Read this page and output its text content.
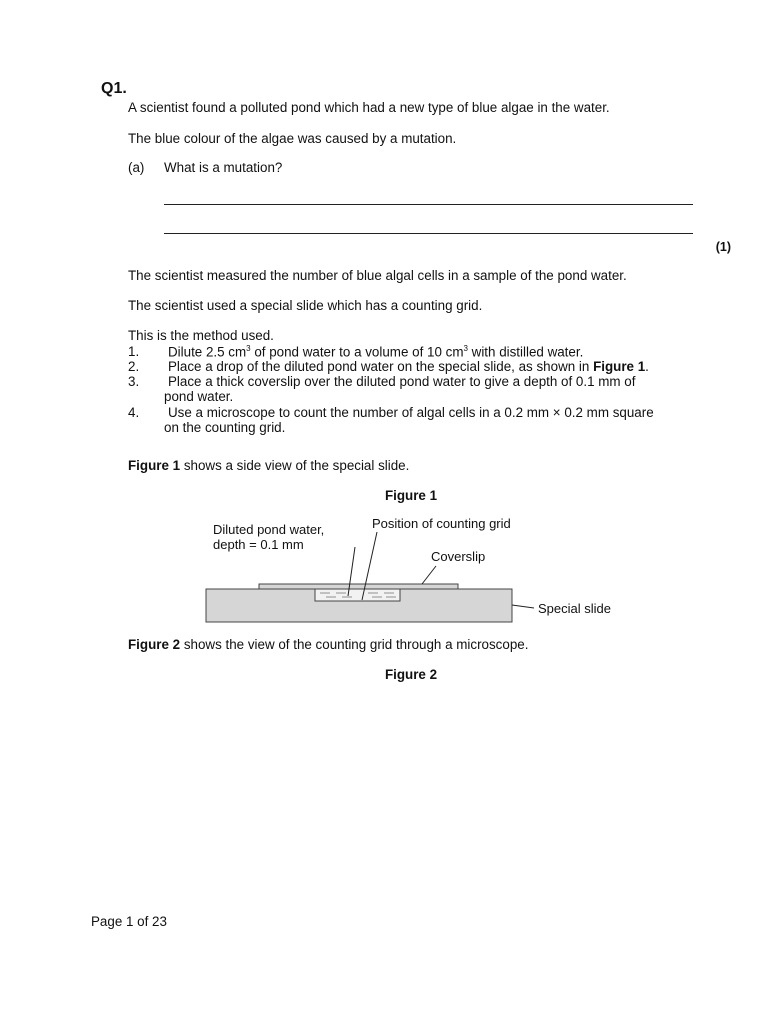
Q1.
A scientist found a polluted pond which had a new type of blue algae in the water.
The blue colour of the algae was caused by a mutation.
(a) What is a mutation?
(1)
The scientist measured the number of blue algal cells in a sample of the pond water.
The scientist used a special slide which has a counting grid.
This is the method used.
1. Dilute 2.5 $cm^3$ of pond water to a volume of 10 $cm^3$ with distilled water.
2. Place a drop of the diluted pond water on the special slide, as shown in Figure 1.
3. Place a thick coverslip over the diluted pond water to give a depth of 0.1 mm of
pond water.
4. Use a microscope to count the number of algal cells in a 0.2 mm × 0.2 mm square
on the counting grid.
Figure 1 shows a side view of the special slide.
Figure 1
Diluted pond water,
depth = 0.1 mm
Position of counting grid
Coverslip
Special slide
Figure 2 shows the view of the counting grid through a microscope.
Figure 2
Page 1 of 23
